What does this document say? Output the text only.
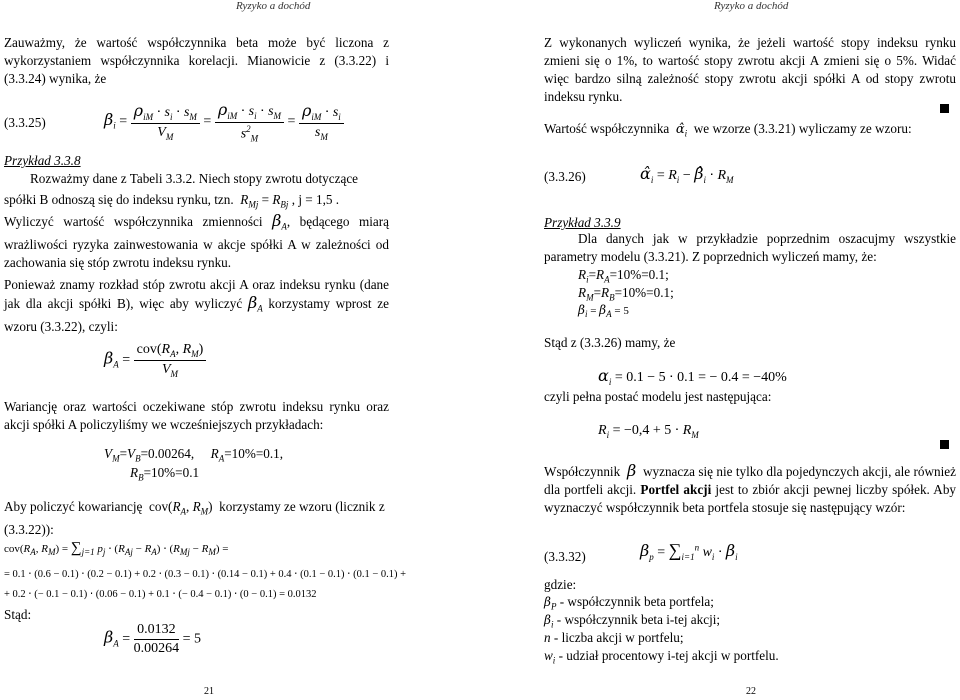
Ryzyko a dochód	Ryzyko a dochód
Zauważmy, że wartość współczynnika beta może być liczona z wykorzystaniem współczynnika korelacji. Mianowicie z (3.3.22) i (3.3.24) wynika, że
(3.3.25)	$\beta_i = \frac{\rho_{iM} \cdot s_i \cdot s_M}{V_M} = \frac{\rho_{iM} \cdot s_i \cdot s_M}{s^2_M} = \frac{\rho_{iM} \cdot s_i}{s_M}$
Przykład 3.3.8
Rozważmy dane z Tabeli 3.3.2. Niech stopy zwrotu dotyczące
spółki B odnoszą się do indeksu rynku, tzn. $R_{Mj} = R_{Bj}$ , j = 1,5 .
Wyliczyć wartość współczynnika zmienności $\beta_A$, będącego miarą wrażliwości ryzyka zainwestowania w akcje spółki A w zależności od zachowania się stóp zwrotu indeksu rynku.
Ponieważ znamy rozkład stóp zwrotu akcji A oraz indeksu rynku (dane jak dla akcji spółki B), więc aby wyliczyć $\beta_A$ korzystamy wprost ze wzoru (3.3.22), czyli:
$\beta_A = \frac{cov(R_A, R_M)}{V_M}$
Wariancję oraz wartości oczekiwane stóp zwrotu indeksu rynku oraz akcji spółki A policzyliśmy we wcześniejszych przykładach:
$V_M=V_B=0.00264$, $R_A=10\%=0.1$,
$R_B=10\%=0.1$
Aby policzyć kowariancję  $cov(R_A$, $R_M$)  korzystamy ze wzoru (licznik z (3.3.22)):
$cov(R_A$, $R_M) = \sum_{j=1}$ $p_j \cdot (R_{Aj} - R_A) \cdot (R_{Mj} - R_M)$ =
= 0.1 ⋅ (0.6 − 0.1) ⋅ (0.2 − 0.1) + 0.2 ⋅ (0.3 − 0.1) ⋅ (0.14 − 0.1) + 0.4 ⋅ (0.1 − 0.1) ⋅ (0.1 − 0.1) +
+ 0.2 ⋅ (− 0.1 − 0.1) ⋅ (0.06 − 0.1) + 0.1 ⋅ (− 0.4 − 0.1) ⋅ (0 − 0.1) = 0.0132
Stąd:
$\beta_A = \frac{0.0132}{0.00264} = 5$
21
Z wykonanych wyliczeń wynika, że jeżeli wartość stopy indeksu rynku zmieni się o 1%, to wartość stopy zwrotu akcji A zmieni się o 5%. Widać więc bardzo silną zależność stopy zwrotu akcji spółki A od stopy zwrotu indeksu rynku.
Wartość współczynnika $\alphâ_i$ we wzorze (3.3.21) wyliczamy ze wzoru:
(3.3.26)	$\alphâ_i = R_i$ − $\betâ_i \cdot R_M$
Przykład 3.3.9
Dla danych jak w przykładzie poprzednim oszacujmy wszystkie parametry modelu (3.3.21). Z poprzednich wyliczeń mamy, że:
$R_i=R_A=10\%=0.1$;
$R_M=R_B=10\%=0.1$;
$\beta_i = \beta_A = 5$
Stąd z (3.3.26) mamy, że
$\alpha_i = 0.1 - 5 \cdot 0.1$ = − 0.4 = −40%
czyli pełna postać modelu jest następująca:
$R_i = -0,4 + 5 \cdot R_M$
Współczynnik β wyznacza się nie tylko dla pojedynczych akcji, ale również dla portfeli akcji. Portfel akcji jest to zbiór akcji pewnej liczby spółek. Aby wyznaczyć współczynnik beta portfela stosuje się następujący wzór:
(3.3.32)	$\beta_p = \sum_{i=1}^n$ $w_i \cdot \beta_i$
gdzie:
$\beta_P$ - współczynnik beta portfela;
$\beta_i$ - współczynnik beta i-tej akcji;
n - liczba akcji w portfelu;
$w_i$ - udział procentowy i-tej akcji w portfelu.
22
